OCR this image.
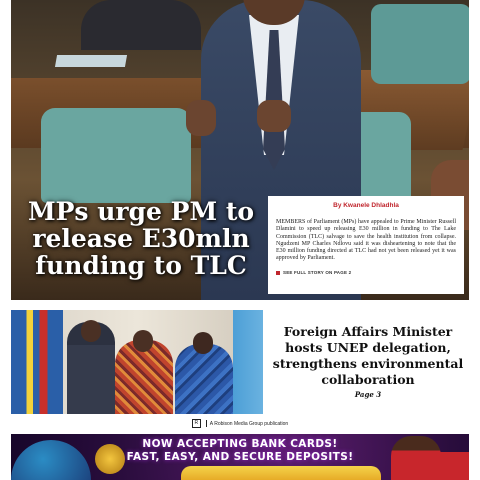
MPs urge PM to release E30mln funding to TLC
By Kwanele Dhladhla
MEMBERS of Parliament (MPs) have appealed to Prime Minister Russell Dlamini to speed up releasing E30 million in funding to The Lake Commission (TLC) salvage to save the health institution from collapse. Ngudzeni MP Charles Ndlovu said it was disheartening to note that the E30 million funding directed at TLC had not yet been released yet it was approved by Parliament.
SEE FULL STORY ON PAGE 2
Foreign Affairs Minister hosts UNEP delegation, strengthens environmental collaboration
Page 3
R A Robison Media Group publication
NOW ACCEPTING BANK CARDS!
FAST, EASY, AND SECURE DEPOSITS!
